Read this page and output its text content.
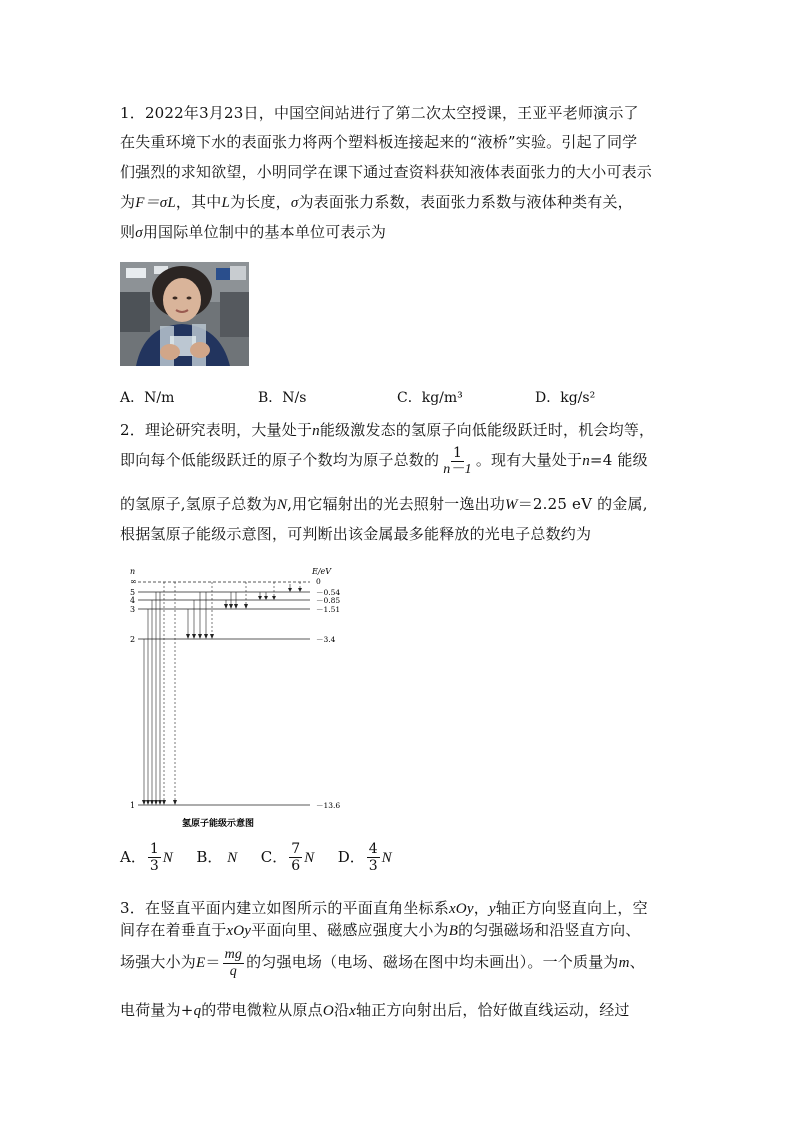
1．2022年3月23日，中国空间站进行了第二次太空授课，王亚平老师演示了
在失重环境下水的表面张力将两个塑料板连接起来的“液桥”实验。引起了同学
们强烈的求知欲望，小明同学在课下通过查资料获知液体表面张力的大小可表示
为F＝σL，其中L为长度，σ为表面张力系数，表面张力系数与液体种类有关，
则σ用国际单位制中的基本单位可表示为
A．N/m	B．N/s	C．kg/m³	D．kg/s²
2．理论研究表明，大量处于n能级激发态的氢原子向低能级跃迁时，机会均等，
即向每个低能级跃迁的原子个数均为原子总数的 $\frac{1}{n-1}$ 。现有大量处于n=4 能级
的氢原子,氢原子总数为N,用它辐射出的光去照射一逸出功W＝2.25 eV 的金属,
根据氢原子能级示意图，可判断出该金属最多能释放的光电子总数约为
n	E/eV
∞	0
5	－0.54
4	－0.85
3	－1.51
2	－3.4
1	－13.6
氢原子能级示意图
A． $\frac{1}{3}$ N B． N C． $\frac{7}{6}$ N D． $\frac{4}{3}$ N
3．在竖直平面内建立如图所示的平面直角坐标系xOy，y轴正方向竖直向上，空
间存在着垂直于xOy平面向里、磁感应强度大小为B的匀强磁场和沿竖直方向、
场强大小为$E= \frac{mg}{q}$ 的匀强电场（电场、磁场在图中均未画出）。一个质量为m、
电荷量为+q的带电微粒从原点O沿x轴正方向射出后，恰好做直线运动，经过
